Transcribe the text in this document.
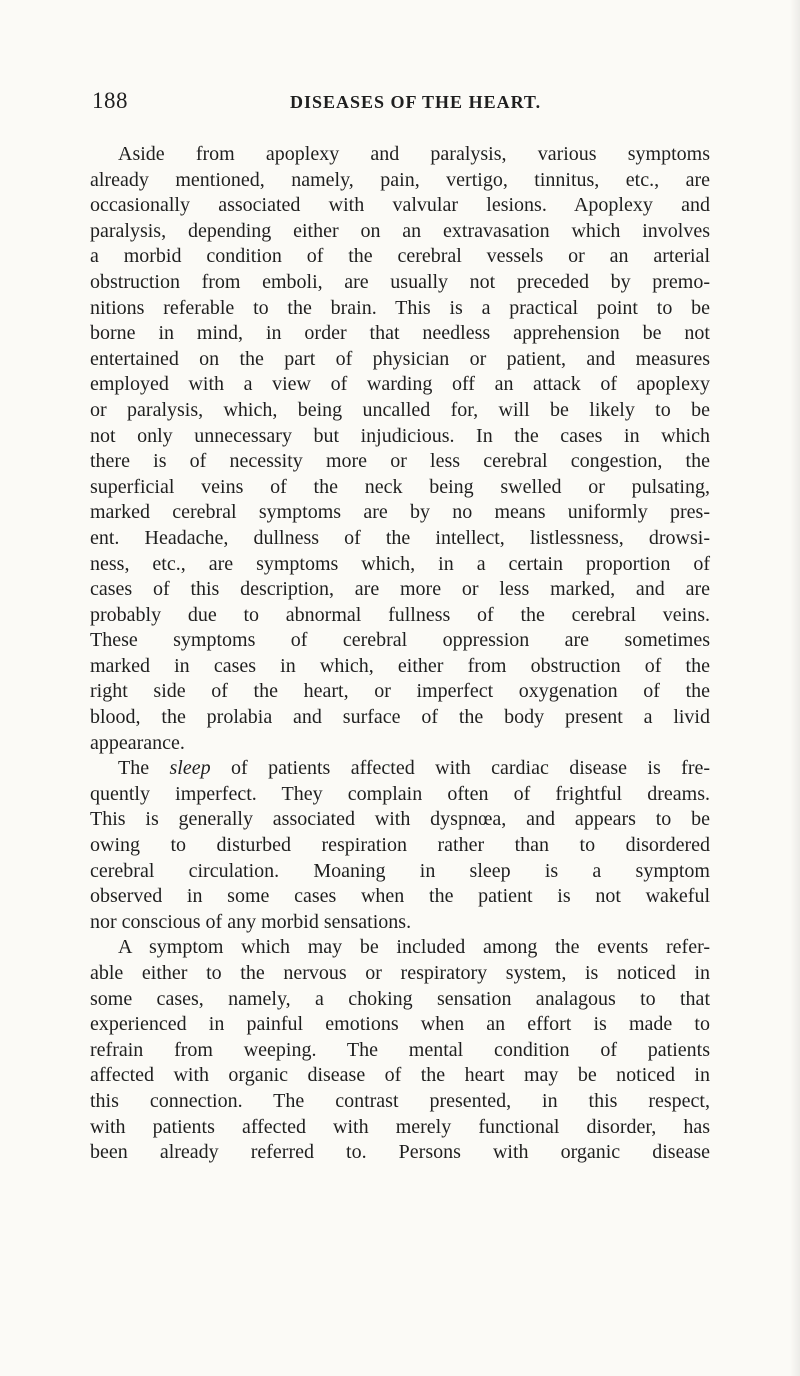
188	DISEASES OF THE HEART.
Aside from apoplexy and paralysis, various symptoms
already mentioned, namely, pain, vertigo, tinnitus, etc., are
occasionally associated with valvular lesions. Apoplexy and
paralysis, depending either on an extravasation which involves
a morbid condition of the cerebral vessels or an arterial
obstruction from emboli, are usually not preceded by premo-
nitions referable to the brain. This is a practical point to be
borne in mind, in order that needless apprehension be not
entertained on the part of physician or patient, and measures
employed with a view of warding off an attack of apoplexy
or paralysis, which, being uncalled for, will be likely to be
not only unnecessary but injudicious. In the cases in which
there is of necessity more or less cerebral congestion, the
superficial veins of the neck being swelled or pulsating,
marked cerebral symptoms are by no means uniformly pres-
ent. Headache, dullness of the intellect, listlessness, drowsi-
ness, etc., are symptoms which, in a certain proportion of
cases of this description, are more or less marked, and are
probably due to abnormal fullness of the cerebral veins.
These symptoms of cerebral oppression are sometimes
marked in cases in which, either from obstruction of the
right side of the heart, or imperfect oxygenation of the
blood, the prolabia and surface of the body present a livid
appearance.
The sleep of patients affected with cardiac disease is fre-
quently imperfect. They complain often of frightful dreams.
This is generally associated with dyspnœa, and appears to be
owing to disturbed respiration rather than to disordered
cerebral circulation. Moaning in sleep is a symptom
observed in some cases when the patient is not wakeful
nor conscious of any morbid sensations.
A symptom which may be included among the events refer-
able either to the nervous or respiratory system, is noticed in
some cases, namely, a choking sensation analagous to that
experienced in painful emotions when an effort is made to
refrain from weeping. The mental condition of patients
affected with organic disease of the heart may be noticed in
this connection. The contrast presented, in this respect,
with patients affected with merely functional disorder, has
been already referred to. Persons with organic disease
